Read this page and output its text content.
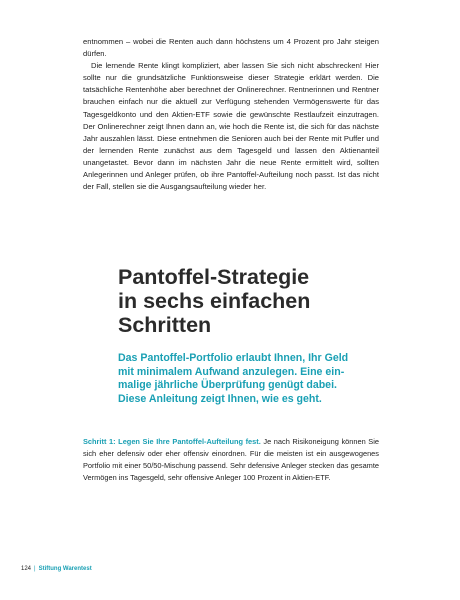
entnommen – wobei die Renten auch dann höchstens um 4 Prozent pro Jahr steigen dürfen.

Die lernende Rente klingt kompliziert, aber lassen Sie sich nicht abschrecken! Hier sollte nur die grundsätzliche Funktionsweise dieser Strategie erklärt werden. Die tatsächliche Rentenhöhe aber berechnet der Onlinerechner. Rentnerinnen und Rentner brauchen einfach nur die aktuell zur Verfügung stehenden Vermögenswerte für das Tagesgeldkonto und den Aktien-ETF sowie die gewünschte Restlaufzeit einzutragen. Der Onlinerechner zeigt Ihnen dann an, wie hoch die Rente ist, die sich für das nächste Jahr auszahlen lässt. Diese entnehmen die Senioren auch bei der Rente mit Puffer und der lernenden Rente zunächst aus dem Tagesgeld und lassen den Aktienanteil unangetastet. Bevor dann im nächsten Jahr die neue Rente ermittelt wird, sollten Anlegerinnen und Anleger prüfen, ob ihre Pantoffel-Aufteilung noch passt. Ist das nicht der Fall, stellen sie die Ausgangsaufteilung wieder her.

Pantoffel-Strategie
in sechs einfachen
Schritten
Das Pantoffel-Portfolio erlaubt Ihnen, Ihr Geld
mit minimalem Aufwand anzulegen. Eine ein-
malige jährliche Überprüfung genügt dabei.
Diese Anleitung zeigt Ihnen, wie es geht.
Schritt 1: Legen Sie Ihre Pantoffel-Aufteilung fest. Je nach Risikoneigung können Sie sich eher defensiv oder eher offensiv einordnen. Für die meisten ist ein ausgewogenes Portfolio mit einer 50/50-Mischung passend. Sehr defensive Anleger stecken das gesamte Vermögen ins Tagesgeld, sehr offensive Anleger 100 Prozent in Aktien-ETF.
124 | Stiftung Warentest
